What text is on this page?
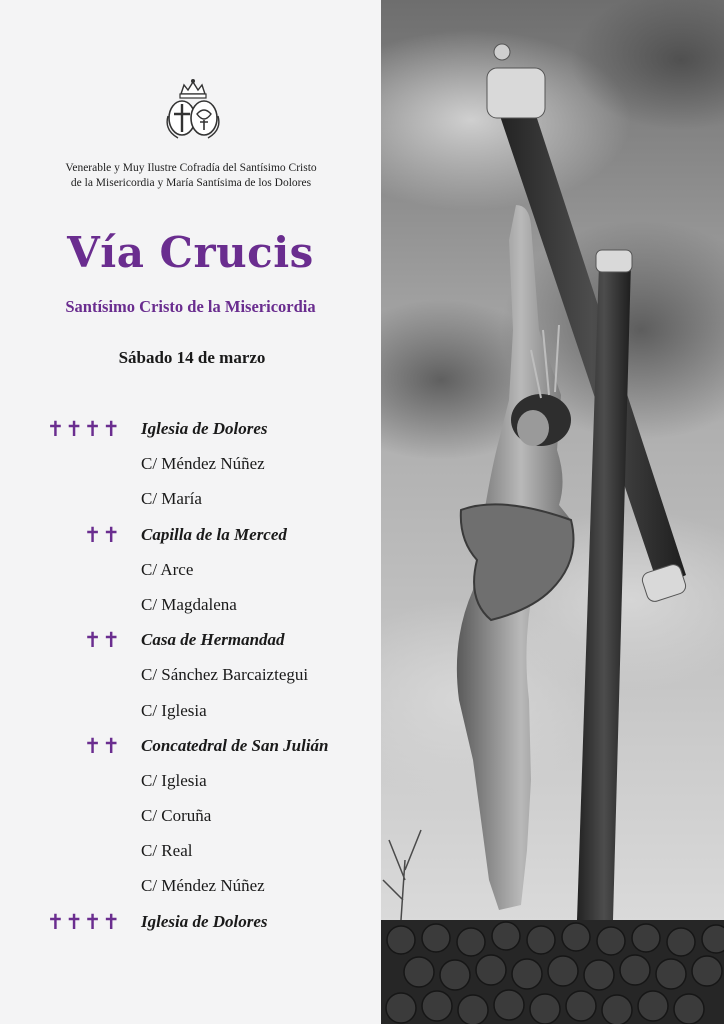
Venerable y Muy Ilustre Cofradía del Santísimo Cristo
de la Misericordia y María Santísima de los Dolores
Vía Crucis
Santísimo Cristo de la Misericordia
Sábado 14 de marzo
✝✝✝✝ Iglesia de Dolores
C/ Méndez Núñez
C/ María
✝✝ Capilla de la Merced
C/ Arce
C/ Magdalena
✝✝ Casa de Hermandad
C/ Sánchez Barcaiztegui
C/ Iglesia
✝✝ Concatedral de San Julián
C/ Iglesia
C/ Coruña
C/ Real
C/ Méndez Núñez
✝✝✝✝ Iglesia de Dolores
